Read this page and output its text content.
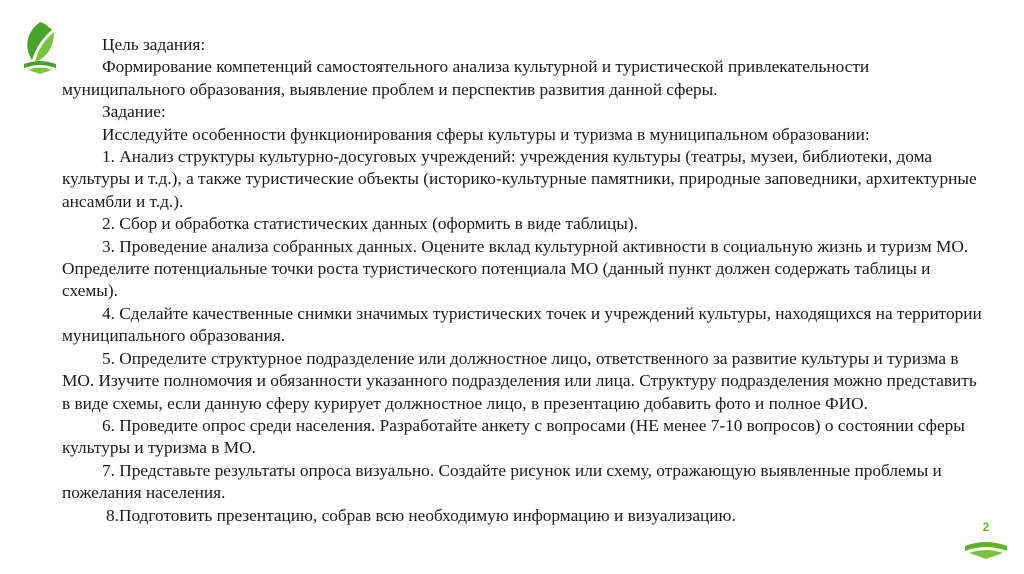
Цель задания:

Формирование компетенций самостоятельного анализа культурной и туристической привлекательности муниципального образования, выявление проблем и перспектив развития данной сферы.

Задание:

Исследуйте особенности функционирования сферы культуры и туризма в муниципальном образовании:

1. Анализ структуры культурно-досуговых учреждений: учреждения культуры (театры, музеи, библиотеки, дома культуры и т.д.), а также туристические объекты (историко-культурные памятники, природные заповедники, архитектурные ансамбли и т.д.).

2. Сбор и обработка статистических данных (оформить в виде таблицы).

3. Проведение анализа собранных данных. Оцените вклад культурной активности в социальную жизнь и туризм МО. Определите потенциальные точки роста туристического потенциала МО (данный пункт должен содержать таблицы и схемы).

4. Сделайте качественные снимки значимых туристических точек и учреждений культуры, находящихся на территории муниципального образования.

5. Определите структурное подразделение или должностное лицо, ответственного за развитие культуры и туризма в МО. Изучите полномочия и обязанности указанного подразделения или лица. Структуру подразделения можно представить в виде схемы, если данную сферу курирует должностное лицо, в презентацию добавить фото и полное ФИО.

6. Проведите опрос среди населения. Разработайте анкету с вопросами (НЕ менее 7-10 вопросов) о состоянии сферы культуры и туризма в МО.

7. Представьте результаты опроса визуально. Создайте рисунок или схему, отражающую выявленные проблемы и пожелания населения.

8.Подготовить презентацию, собрав всю необходимую информацию и визуализацию.

2
